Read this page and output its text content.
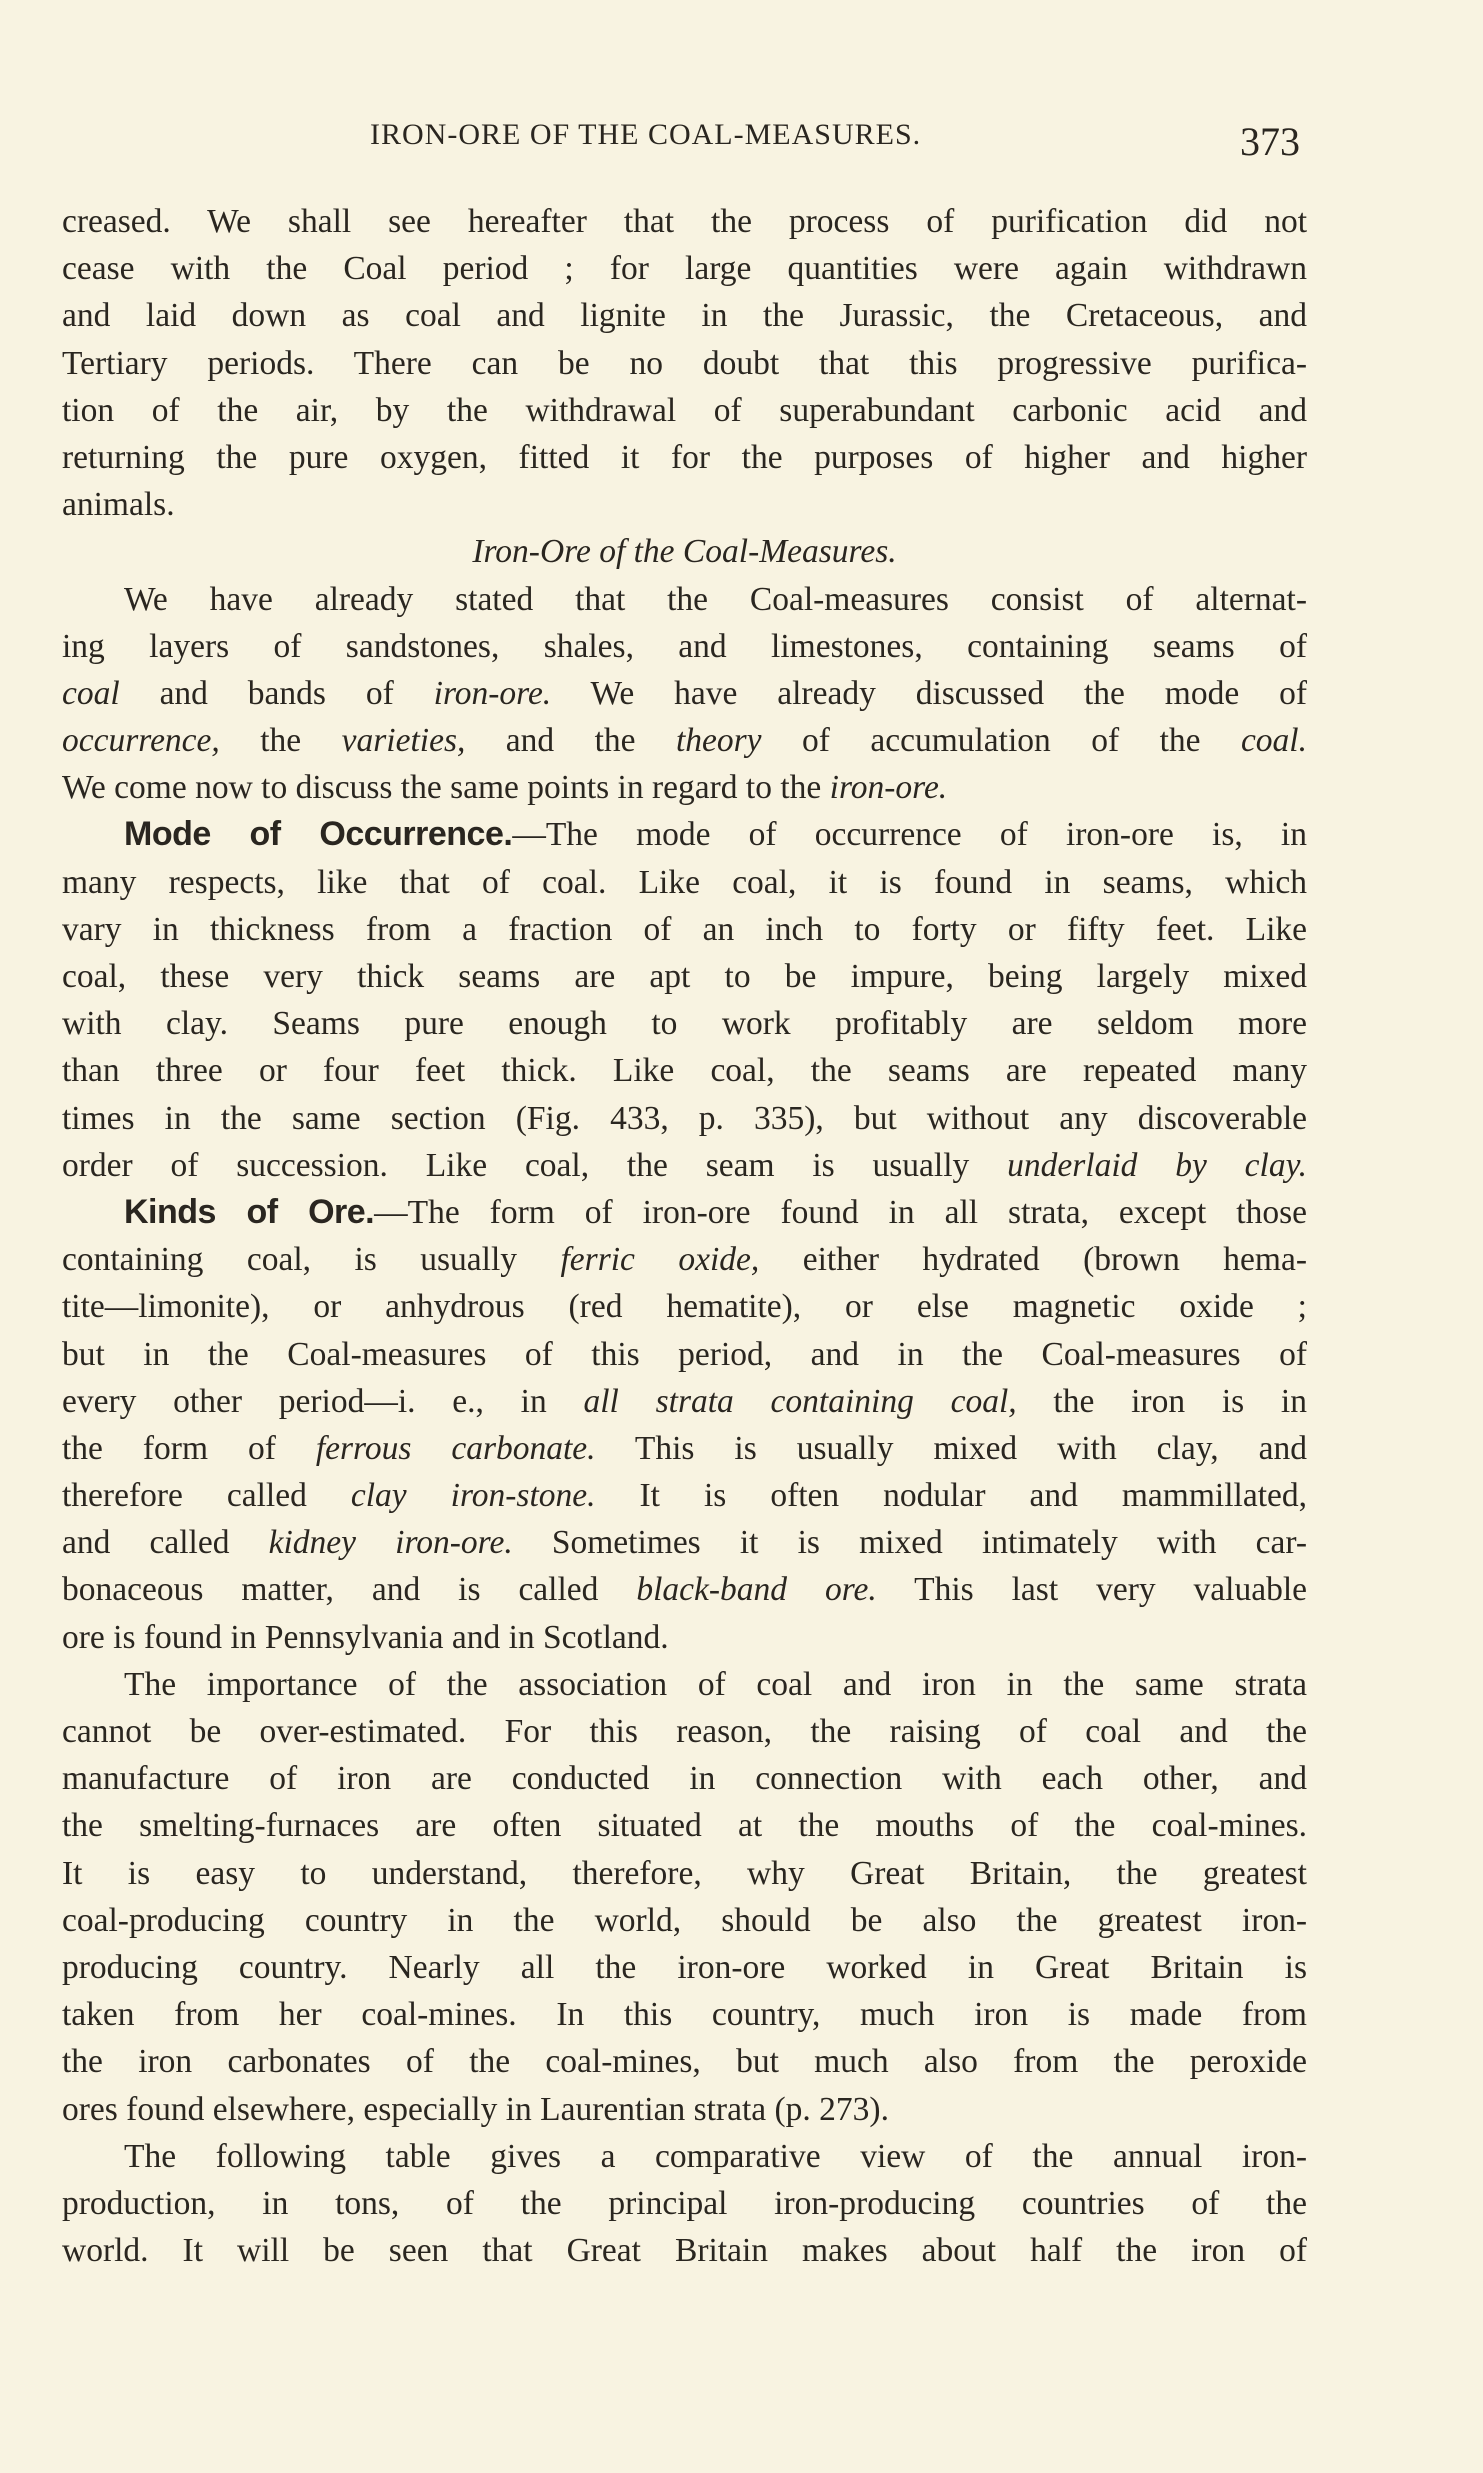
IRON-ORE OF THE COAL-MEASURES.	373
creased. We shall see hereafter that the process of purification did not
cease with the Coal period ; for large quantities were again withdrawn
and laid down as coal and lignite in the Jurassic, the Cretaceous, and
Tertiary periods. There can be no doubt that this progressive purifica-
tion of the air, by the withdrawal of superabundant carbonic acid and
returning the pure oxygen, fitted it for the purposes of higher and higher
animals.
Iron-Ore of the Coal-Measures.
We have already stated that the Coal-measures consist of alternat-
ing layers of sandstones, shales, and limestones, containing seams of
coal and bands of iron-ore. We have already discussed the mode of
occurrence, the varieties, and the theory of accumulation of the coal.
We come now to discuss the same points in regard to the iron-ore.
Mode of Occurrence.—The mode of occurrence of iron-ore is, in
many respects, like that of coal. Like coal, it is found in seams, which
vary in thickness from a fraction of an inch to forty or fifty feet. Like
coal, these very thick seams are apt to be impure, being largely mixed
with clay. Seams pure enough to work profitably are seldom more
than three or four feet thick. Like coal, the seams are repeated many
times in the same section (Fig. 433, p. 335), but without any discoverable
order of succession. Like coal, the seam is usually underlaid by clay.
Kinds of Ore.—The form of iron-ore found in all strata, except those
containing coal, is usually ferric oxide, either hydrated (brown hema-
tite—limonite), or anhydrous (red hematite), or else magnetic oxide ;
but in the Coal-measures of this period, and in the Coal-measures of
every other period—i. e., in all strata containing coal, the iron is in
the form of ferrous carbonate. This is usually mixed with clay, and
therefore called clay iron-stone. It is often nodular and mammillated,
and called kidney iron-ore. Sometimes it is mixed intimately with car-
bonaceous matter, and is called black-band ore. This last very valuable
ore is found in Pennsylvania and in Scotland.
The importance of the association of coal and iron in the same strata
cannot be over-estimated. For this reason, the raising of coal and the
manufacture of iron are conducted in connection with each other, and
the smelting-furnaces are often situated at the mouths of the coal-mines.
It is easy to understand, therefore, why Great Britain, the greatest
coal-producing country in the world, should be also the greatest iron-
producing country. Nearly all the iron-ore worked in Great Britain is
taken from her coal-mines. In this country, much iron is made from
the iron carbonates of the coal-mines, but much also from the peroxide
ores found elsewhere, especially in Laurentian strata (p. 273).
The following table gives a comparative view of the annual iron-
production, in tons, of the principal iron-producing countries of the
world. It will be seen that Great Britain makes about half the iron of
